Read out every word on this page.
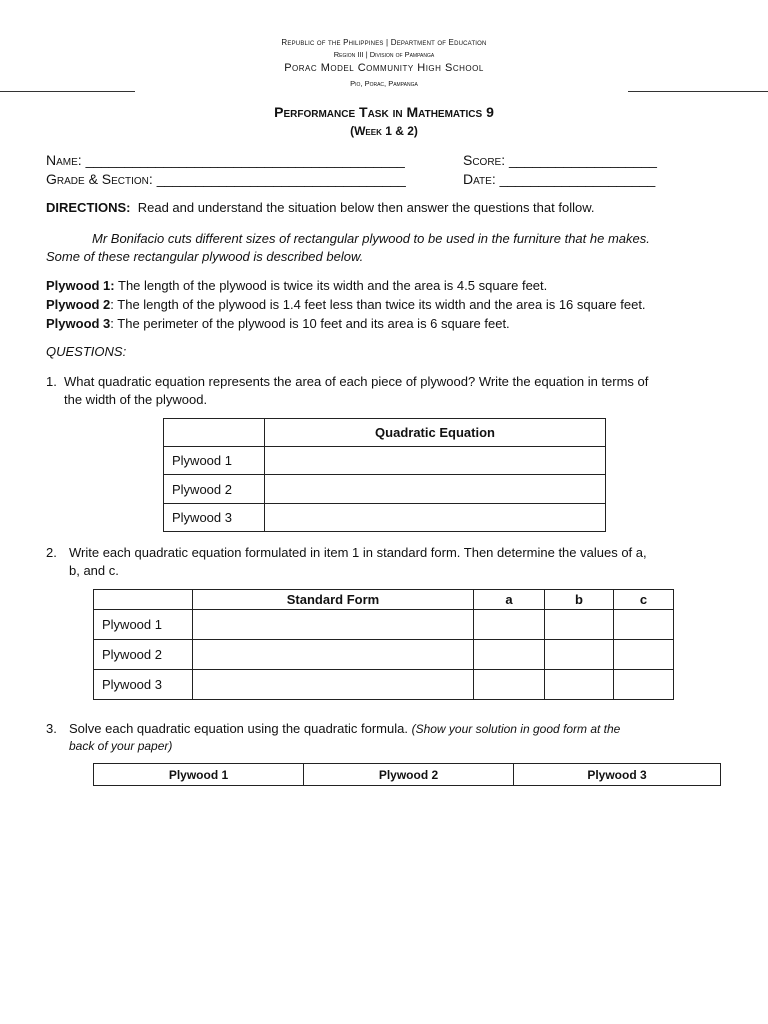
Republic of the Philippines | Department of Education
Region III | Division of Pampanga
Porac Model Community High School
Pio, Porac, Pampanga
Performance Task in Mathematics 9
(Week 1 & 2)
Name: _________________________________________	Score: ___________________
Grade & Section: ________________________________	Date: ____________________
DIRECTIONS: Read and understand the situation below then answer the questions that follow.
Mr Bonifacio cuts different sizes of rectangular plywood to be used in the furniture that he makes.
Some of these rectangular plywood is described below.
Plywood 1: The length of the plywood is twice its width and the area is 4.5 square feet.
Plywood 2: The length of the plywood is 1.4 feet less than twice its width and the area is 16 square feet.
Plywood 3: The perimeter of the plywood is 10 feet and its area is 6 square feet.
QUESTIONS:
1. What quadratic equation represents the area of each piece of plywood? Write the equation in terms of
the width of the plywood.
	Quadratic Equation
Plywood 1	
Plywood 2	
Plywood 3	
2. Write each quadratic equation formulated in item 1 in standard form. Then determine the values of a,
b, and c.
	Standard Form	a	b	c
Plywood 1				
Plywood 2				
Plywood 3				
3. Solve each quadratic equation using the quadratic formula. (Show your solution in good form at the
back of your paper)
Plywood 1	Plywood 2	Plywood 3
